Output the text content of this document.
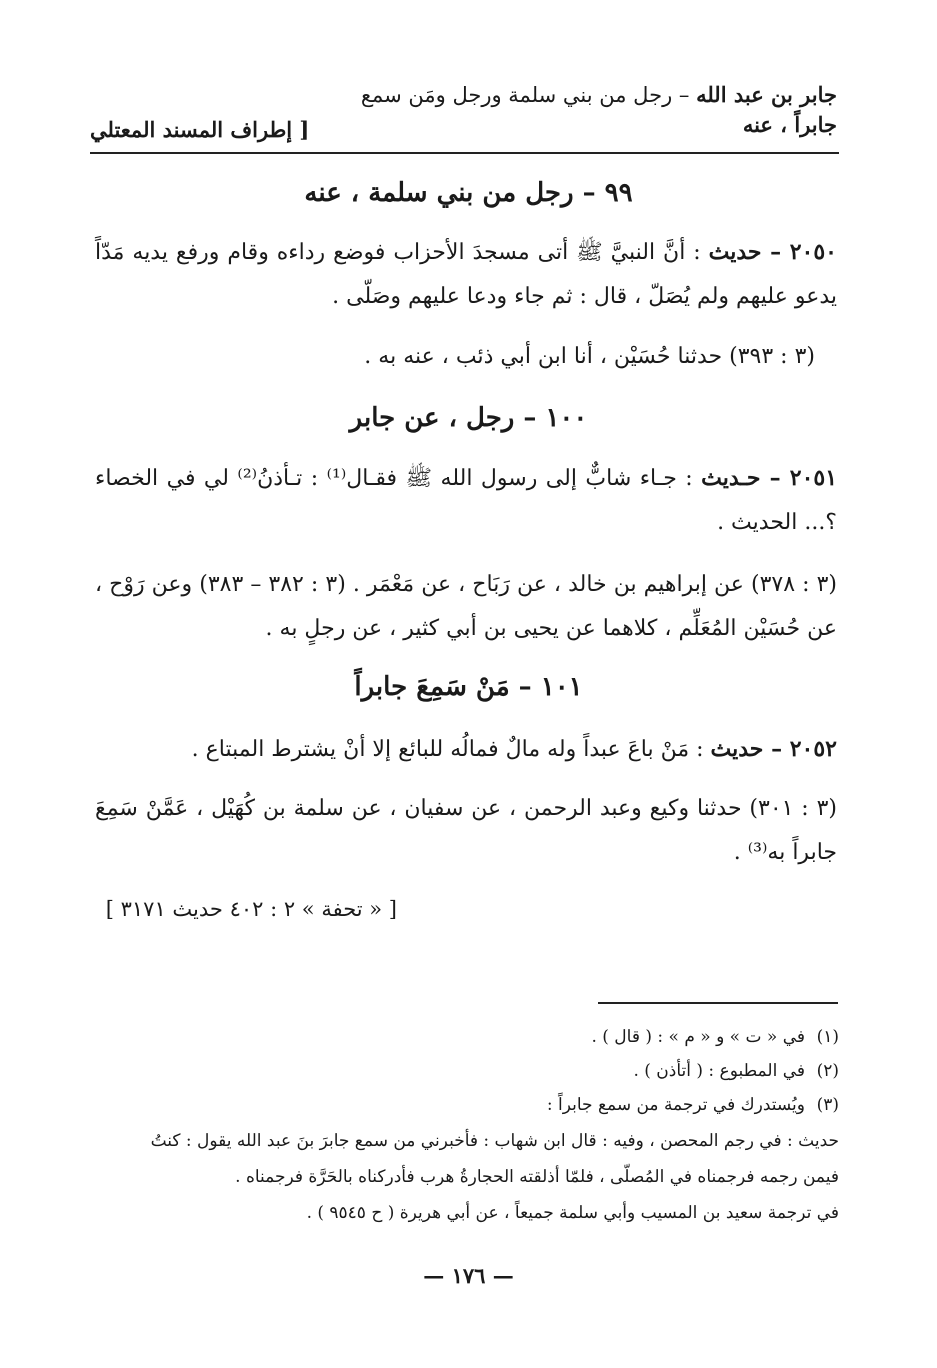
جابر بن عبد الله – رجل من بني سلمة ورجل ومَن سمع
جابراً ، عنه
[ إطراف المسند المعتلي
٩٩ – رجل من بني سلمة ، عنه
٢٠٥٠ – حديث : أنَّ النبيَّ ﷺ أتى مسجدَ الأحزاب فوضع رداءه وقام ورفع يديه مَدّاً يدعو عليهم ولم يُصَلّ ، قال : ثم جاء ودعا عليهم وصَلّى .
(٣ : ٣٩٣) حدثنا حُسَيْن ، أنا ابن أبي ذئب ، عنه به .
١٠٠ – رجل ، عن جابر
٢٠٥١ – حـديث : جـاء شابٌّ إلى رسول الله ﷺ فقـال⁽¹⁾ : تـأذنُ⁽²⁾ لي في الخصاء ؟... الحديث .
(٣ : ٣٧٨) عن إبراهيم بن خالد ، عن رَبَاح ، عن مَعْمَر . (٣ : ٣٨٢ – ٣٨٣) وعن رَوْح ، عن حُسَيْن المُعَلِّم ، كلاهما عن يحيى بن أبي كثير ، عن رجلٍ به .
١٠١ – مَنْ سَمِعَ جابراً
٢٠٥٢ – حديث : مَنْ باعَ عبداً وله مالٌ فمالُه للبائع إلا أنْ يشترط المبتاع .
(٣ : ٣٠١) حدثنا وكيع وعبد الرحمن ، عن سفيان ، عن سلمة بن كُهَيْل ، عَمَّنْ سَمِعَ جابراً به⁽³⁾ .
[ « تحفة » ٢ : ٤٠٢ حديث ٣١٧١ ]
(١)في « ت » و « م » : ( قال ) .
(٢)في المطبوع : ( أتأذن ) .
(٣)ويُستدرك في ترجمة من سمع جابراً :
حديث : في رجم المحصن ، وفيه : قال ابن شهاب : فأخبرني من سمع جابرَ بنَ عبد الله يقول : كنتُ
فيمن رجمه فرجمناه في المُصلّى ، فلمّا أذلقته الحجارةُ هرب فأدركناه بالحَرَّة فرجمناه .
في ترجمة سعيد بن المسيب وأبي سلمة جميعاً ، عن أبي هريرة ( ح ٩٥٤٥ ) .
— ١٧٦ —
